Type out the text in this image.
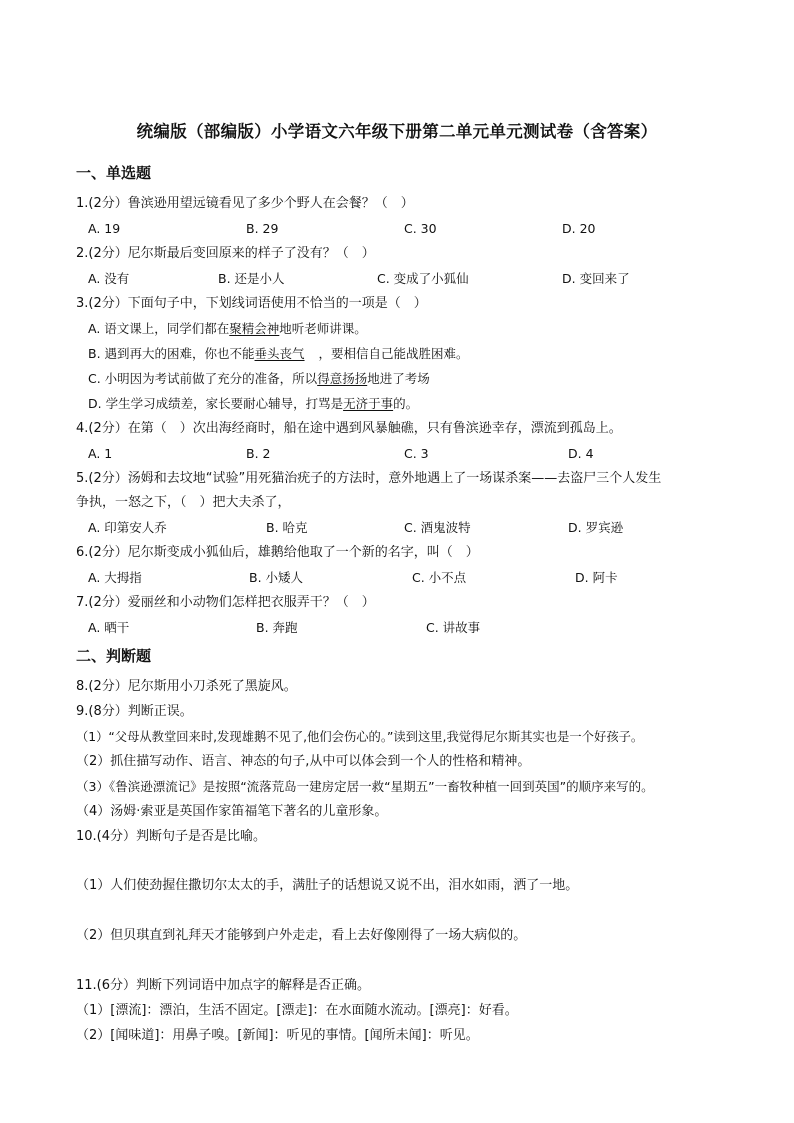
统编版（部编版）小学语文六年级下册第二单元单元测试卷（含答案）
一、单选题
1.(2分）鲁滨逊用望远镜看见了多少个野人在会餐？（　）
A. 19	B. 29	C. 30	D. 20
2.(2分）尼尔斯最后变回原来的样子了没有？（　）
A. 没有	B. 还是小人	C. 变成了小狐仙	D. 变回来了
3.(2分）下面句子中，下划线词语使用不恰当的一项是（　）
A. 语文课上，同学们都在聚精会神地听老师讲课。
B. 遇到再大的困难，你也不能垂头丧气 ，要相信自己能战胜困难。
C. 小明因为考试前做了充分的准备，所以得意扬扬地进了考场
D. 学生学习成绩差，家长要耐心辅导，打骂是无济于事的。
4.(2分）在第（　）次出海经商时，船在途中遇到风暴触礁，只有鲁滨逊幸存，漂流到孤岛上。
A. 1	B. 2	C. 3	D. 4
5.(2分）汤姆和去坟地“试验”用死猫治疣子的方法时，意外地遇上了一场谋杀案——去盗尸三个人发生
争执，一怒之下，（　）把大夫杀了，
A. 印第安人乔	B. 哈克	C. 酒鬼波特	D. 罗宾逊
6.(2分）尼尔斯变成小狐仙后，雄鹅给他取了一个新的名字，叫（　）
A. 大拇指	B. 小矮人	C. 小不点	D. 阿卡
7.(2分）爱丽丝和小动物们怎样把衣服弄干？（　）
A. 晒干	B. 奔跑	C. 讲故事
二、判断题
8.(2分）尼尔斯用小刀杀死了黑旋风。
9.(8分）判断正误。
（1）“父母从教堂回来时,发现雄鹅不见了,他们会伤心的。”读到这里,我觉得尼尔斯其实也是一个好孩子。
（2）抓住描写动作、语言、神态的句子,从中可以体会到一个人的性格和精神。
（3）《鲁滨逊漂流记》是按照“流落荒岛一建房定居一救“星期五”一畜牧种植一回到英国”的顺序来写的。
（4）汤姆·索亚是英国作家笛福笔下著名的儿童形象。
10.(4分）判断句子是否是比喻。
（1）人们使劲握住撒切尔太太的手，满肚子的话想说又说不出，泪水如雨，洒了一地。
（2）但贝琪直到礼拜天才能够到户外走走，看上去好像刚得了一场大病似的。
11.(6分）判断下列词语中加点字的解释是否正确。
（1）[漂流]：漂泊，生活不固定。[漂走]：在水面随水流动。[漂亮]：好看。
（2）[闻味道]：用鼻子嗅。[新闻]：听见的事情。[闻所未闻]：听见。
